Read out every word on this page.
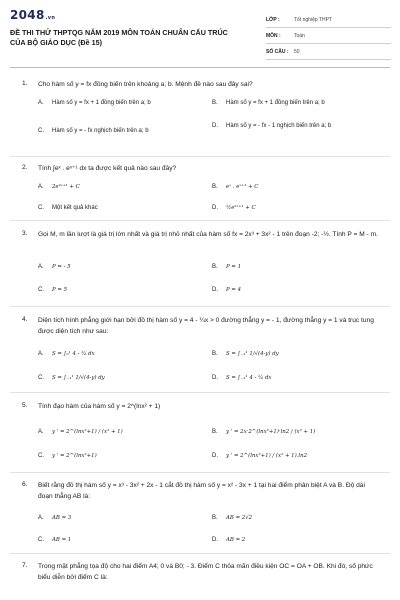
2048.vn
ĐỀ THI THỬ THPTQG NĂM 2019 MÔN TOÁN CHUẨN CẤU TRÚC CỦA BỘ GIÁO DỤC (Đề 15)
LỚP :	Tốt nghiệp THPT
MÔN :	Toán
SỐ CÂU : 50
1. Cho hàm số y = fx đồng biến trên khoảng a; b. Mệnh đề nào sau đây sai?
A. Hàm số y = fx + 1 đồng biến trên a; b	B. Hàm số y = fx + 1 đồng biến trên a; b
C. Hàm số y = - fx nghịch biến trên a; b
D. Hàm số y = - fx - 1 nghịch biến trên a; b
2. Tính ∫eˣ . eˣ⁺¹ dx ta được kết quả nào sau đây?
A. 2e²ˣ⁺¹ + C	B. eˣ . eˣ⁺¹ + C
C. Một kết quả khác	D. ½e²ˣ⁺¹ + C
3. Gọi M, m lần lượt là giá trị lớn nhất và giá trị nhỏ nhất của hàm số fx = 2x³ + 3x² - 1 trên đoạn -2; -½. Tính P = M - m.
A. P = - 5	B. P = 1
C. P = 5	D. P = 4
4. Diện tích hình phẳng giới hạn bởi đồ thị hàm số y = 4 - ¼x > 0 đường thẳng y = - 1, đường thẳng y = 1 và trục tung được diện tích như sau:
A. S = ∫₀¹ 4 - ¼ dx	B. S = ∫₋₁¹ 1/√(4-y) dy
C. S = ∫₋₁¹ 1/√(4-y) dy	D. S = ∫₋₁¹ 4 - ¼ dx
5. Tính đạo hàm của hàm số y = 2^(lnx² + 1)
A. y ' = 2^(lnx²+1) / (x² + 1)	B. y ' = 2x·2^(lnx²+1)·ln2 / (x² + 1)
C. y ' = 2^(lnx²+1)	D. y ' = 2^(lnx²+1) / (x² + 1).ln2
6. Biết rằng đồ thị hàm số y = x³ - 3x² + 2x - 1 cắt đồ thị hàm số y = x² - 3x + 1 tại hai điểm phân biệt A và B. Độ dài đoạn thẳng AB là:
A. AB = 3	B. AB = 2√2
C. AB = 1	D. AB = 2
7. Trong mặt phẳng tọa độ cho hai điểm A4; 0 và B0; - 3. Điểm C thỏa mãn điều kiện OC = OA + OB. Khi đó, số phức biểu diễn bởi điểm C là:
